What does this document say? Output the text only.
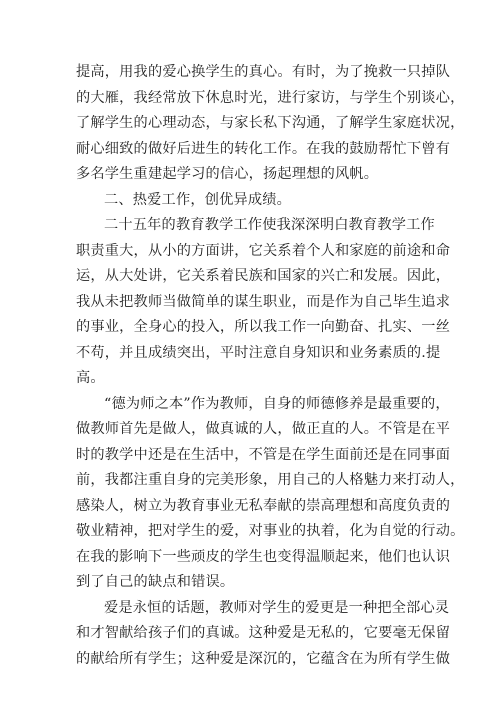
提高，用我的爱心换学生的真心。有时，为了挽救一只掉队
的大雁，我经常放下休息时光，进行家访，与学生个别谈心，
了解学生的心理动态，与家长私下沟通，了解学生家庭状况，
耐心细致的做好后进生的转化工作。在我的鼓励帮忙下曾有
多名学生重建起学习的信心，扬起理想的风帆。
二、热爱工作，创优异成绩。
二十五年的教育教学工作使我深深明白教育教学工作
职责重大，从小的方面讲，它关系着个人和家庭的前途和命
运，从大处讲，它关系着民族和国家的兴亡和发展。因此，
我从未把教师当做简单的谋生职业，而是作为自己毕生追求
的事业，全身心的投入，所以我工作一向勤奋、扎实、一丝
不苟，并且成绩突出，平时注意自身知识和业务素质的.提
高。
“德为师之本”作为教师，自身的师德修养是最重要的，
做教师首先是做人，做真诚的人，做正直的人。不管是在平
时的教学中还是在生活中，不管是在学生面前还是在同事面
前，我都注重自身的完美形象，用自己的人格魅力来打动人，
感染人，树立为教育事业无私奉献的崇高理想和高度负责的
敬业精神，把对学生的爱，对事业的执着，化为自觉的行动。
在我的影响下一些顽皮的学生也变得温顺起来，他们也认识
到了自己的缺点和错误。
爱是永恒的话题，教师对学生的爱更是一种把全部心灵
和才智献给孩子们的真诚。这种爱是无私的，它要毫无保留
的献给所有学生；这种爱是深沉的，它蕴含在为所有学生做
